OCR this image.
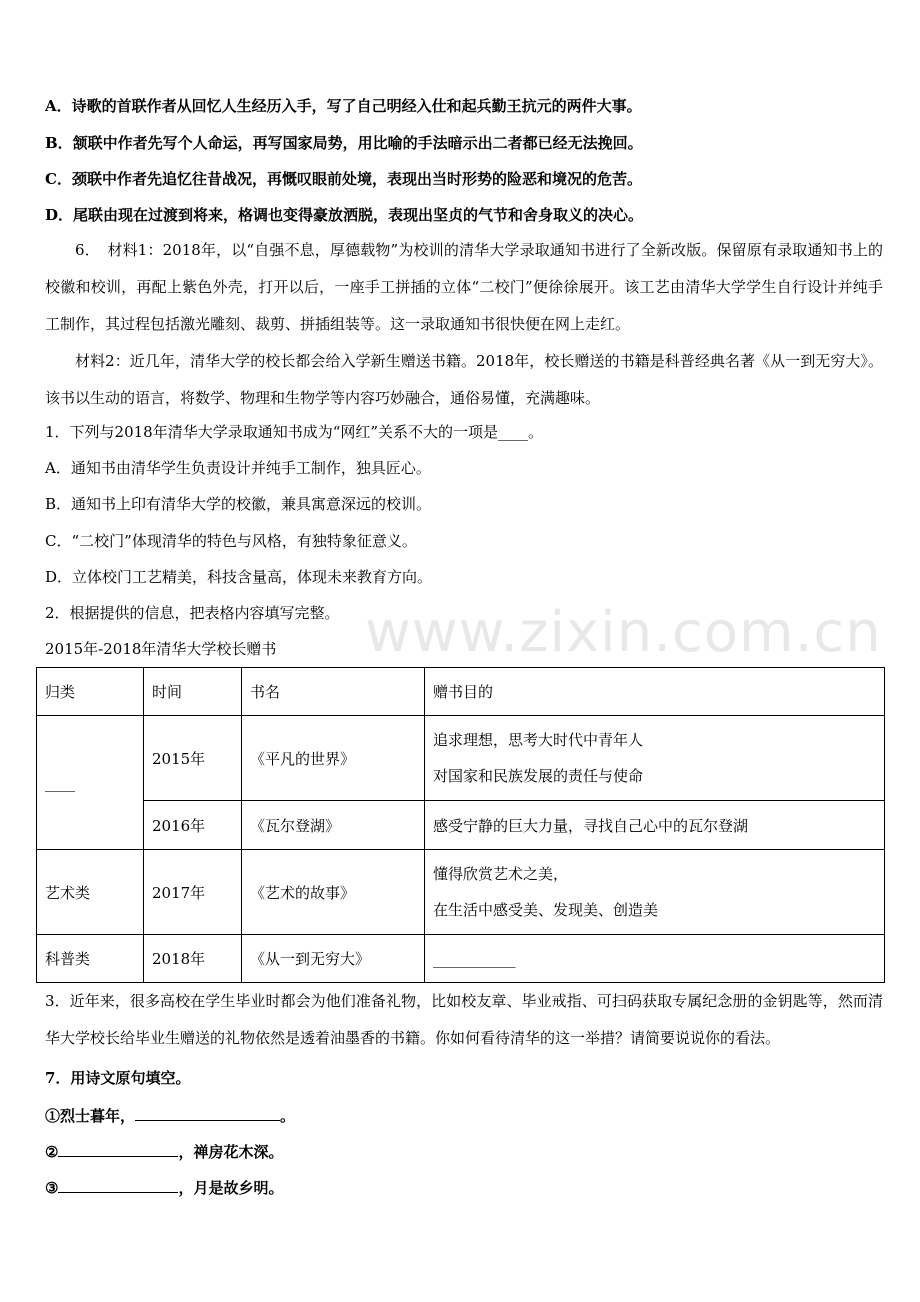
www.zixin.com.cn
A．诗歌的首联作者从回忆人生经历入手，写了自己明经入仕和起兵勤王抗元的两件大事。
B．颔联中作者先写个人命运，再写国家局势，用比喻的手法暗示出二者都已经无法挽回。
C．颈联中作者先追忆往昔战况，再慨叹眼前处境，表现出当时形势的险恶和境况的危苦。
D．尾联由现在过渡到将来，格调也变得豪放洒脱，表现出坚贞的气节和舍身取义的决心。
6．　材料1：2018年，以“自强不息，厚德载物”为校训的清华大学录取通知书进行了全新改版。保留原有录取通知书上的校徽和校训，再配上紫色外壳，打开以后，一座手工拼插的立体“二校门”便徐徐展开。该工艺由清华大学学生自行设计并纯手工制作，其过程包括激光雕刻、裁剪、拼插组装等。这一录取通知书很快便在网上走红。
材料2：近几年，清华大学的校长都会给入学新生赠送书籍。2018年，校长赠送的书籍是科普经典名著《从一到无穷大》。该书以生动的语言，将数学、物理和生物学等内容巧妙融合，通俗易懂，充满趣味。
1．下列与2018年清华大学录取通知书成为“网红”关系不大的一项是____。
A．通知书由清华学生负责设计并纯手工制作，独具匠心。
B．通知书上印有清华大学的校徽，兼具寓意深远的校训。
C．“二校门”体现清华的特色与风格，有独特象征意义。
D．立体校门工艺精美，科技含量高，体现未来教育方向。
2．根据提供的信息，把表格内容填写完整。
2015年-2018年清华大学校长赠书
归类	时间	书名	赠书目的
____	2015年	《平凡的世界》	追求理想，思考大时代中青年人
对国家和民族发展的责任与使命

	2016年	《瓦尔登湖》	感受宁静的巨大力量，寻找自己心中的瓦尔登湖
艺术类	2017年	《艺术的故事》	懂得欣赏艺术之美，
在生活中感受美、发现美、创造美

科普类	2018年	《从一到无穷大》	___________
3．近年来，很多高校在学生毕业时都会为他们准备礼物，比如校友章、毕业戒指、可扫码获取专属纪念册的金钥匙等，然而清华大学校长给毕业生赠送的礼物依然是透着油墨香的书籍。你如何看待清华的这一举措？请简要说说你的看法。
7．用诗文原句填空。
①烈士暮年，	。
②	，禅房花木深。
③	，月是故乡明。
